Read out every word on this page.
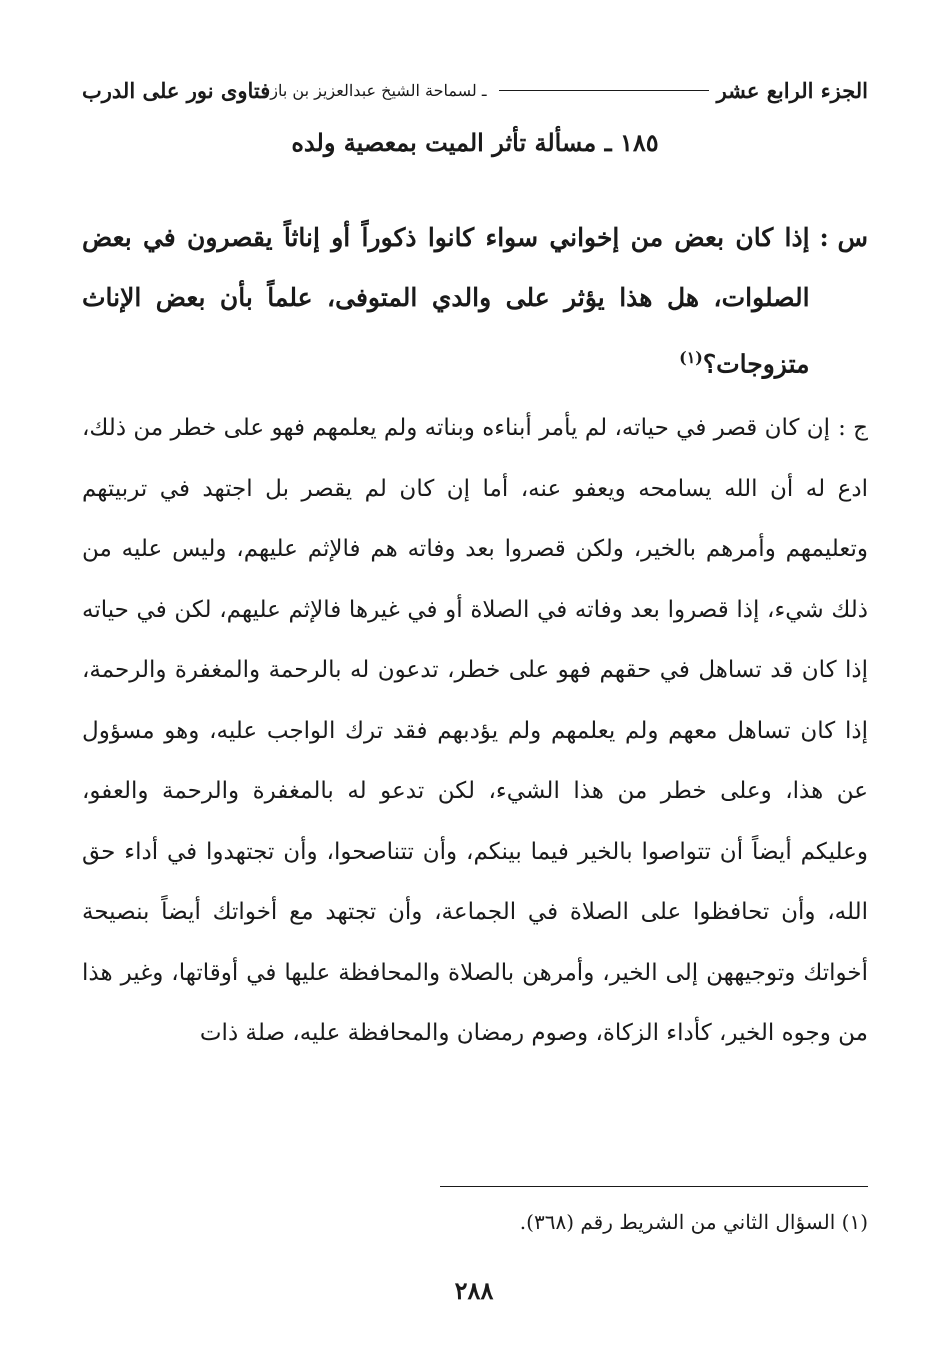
فتاوى نور على الدرب ـ لسماحة الشيخ عبدالعزيز بن باز	الجزء الرابع عشر
١٨٥ ـ مسألة تأثر الميت بمعصية ولده
س :
إذا كان بعض من إخواني سواء كانوا ذكوراً أو إناثاً يقصرون في بعض الصلوات، هل هذا يؤثر على والدي المتوفى، علماً بأن بعض الإناث متزوجات؟$^{(١)}$
ج :إن كان قصر في حياته، لم يأمر أبناءه وبناته ولم يعلمهم فهو على خطر من ذلك، ادع له أن الله يسامحه ويعفو عنه، أما إن كان لم يقصر بل اجتهد في تربيتهم وتعليمهم وأمرهم بالخير، ولكن قصروا بعد وفاته هم فالإثم عليهم، وليس عليه من ذلك شيء، إذا قصروا بعد وفاته في الصلاة أو في غيرها فالإثم عليهم، لكن في حياته إذا كان قد تساهل في حقهم فهو على خطر، تدعون له بالرحمة والمغفرة والرحمة، إذا كان تساهل معهم ولم يعلمهم ولم يؤدبهم فقد ترك الواجب عليه، وهو مسؤول عن هذا، وعلى خطر من هذا الشيء، لكن تدعو له بالمغفرة والرحمة والعفو، وعليكم أيضاً أن تتواصوا بالخير فيما بينكم، وأن تتناصحوا، وأن تجتهدوا في أداء حق الله، وأن تحافظوا على الصلاة في الجماعة، وأن تجتهد مع أخواتك أيضاً بنصيحة أخواتك وتوجيههن إلى الخير، وأمرهن بالصلاة والمحافظة عليها في أوقاتها، وغير هذا من وجوه الخير، كأداء الزكاة، وصوم رمضان والمحافظة عليه، صلة ذات
(١) السؤال الثاني من الشريط رقم (٣٦٨).
٢٨٨
